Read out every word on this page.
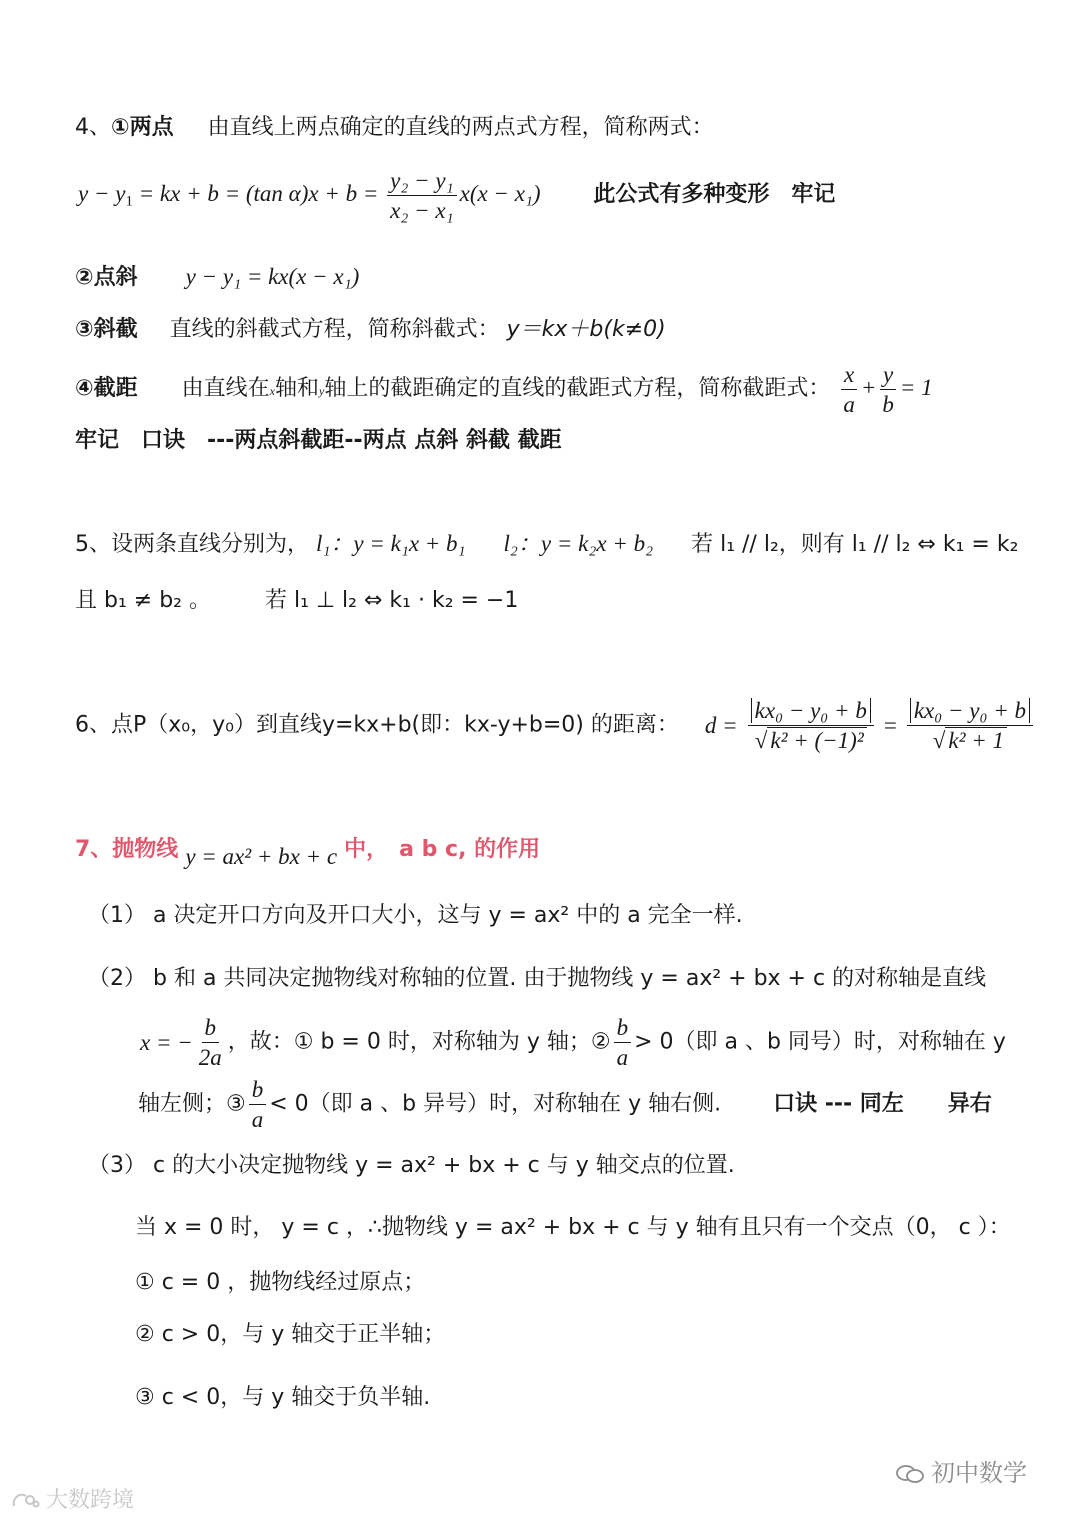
4、①两点 由直线上两点确定的直线的两点式方程，简称两式：
$y - y_1$ = kx + b = (tan $\alpha)x + b = \frac{\text{y₂ − y₁}}{\text{x₂ − x₁}} x(x - x_1)$ 此公式有多种变形　牢记
②点斜 y − y₁ = kx(x − x₁)
③斜截 直线的斜截式方程，简称斜截式： y＝kx＋b(k≠0)
④截距 由直线在x轴和y轴上的截距确定的直线的截距式方程，简称截距式： $\frac{x}{a} + \frac{y}{b} = 1$
牢记　口诀　---两点斜截距--两点 点斜 斜截 截距
5、设两条直线分别为， l₁：y = k₁x + b₁ l₂：y = k₂x + b₂ 若 l₁ // l₂，则有 l₁ // l₂ ⇔ k₁ = k₂
且 b₁ ≠ b₂ 。 若 l₁ ⊥ l₂ ⇔ k₁ · k₂ = −1
6、点P（x₀，y₀）到直线y=kx+b(即：kx-y+b=0) 的距离： $d = \frac{\text{kx₀ − y₀ + b}}{\text{√ k² + (−1)²}} = \frac{\text{kx₀ − y₀ + b}}{\text{√ k² + 1}}$
7、抛物线 y = ax² + bx + c 中，　a b c, 的作用
（1） a 决定开口方向及开口大小，这与 y = ax² 中的 a 完全一样.
（2） b 和 a 共同决定抛物线对称轴的位置. 由于抛物线 y = ax² + bx + c 的对称轴是直线
x = − $\frac{b}{2a}$ ，故：① b = 0 时，对称轴为 y 轴；② $\frac{b}{a} > 0$（即 a 、b 同号）时，对称轴在 y
轴左侧；③ $\frac{b}{a} < 0$（即 a 、b 异号）时，对称轴在 y 轴右侧. 口诀 --- 同左　　异右
（3） c 的大小决定抛物线 y = ax² + bx + c 与 y 轴交点的位置.
当 x = 0 时， y = c ，∴抛物线 y = ax² + bx + c 与 y 轴有且只有一个交点（0， c ）：
① c = 0 ，抛物线经过原点；
② c > 0，与 y 轴交于正半轴；
③ c < 0，与 y 轴交于负半轴.
大数跨境
初中数学
